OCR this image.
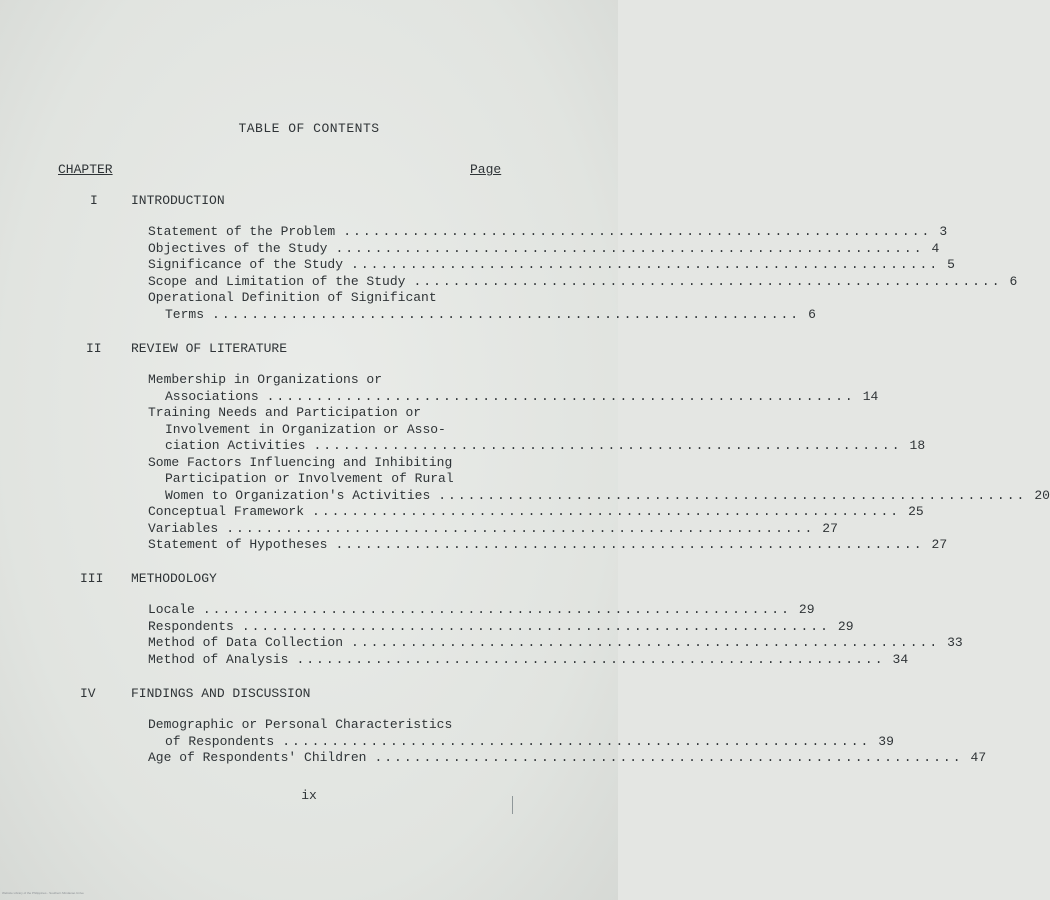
TABLE OF CONTENTS
CHAPTER	Page
I	INTRODUCTION
Statement of the Problem ............................................................ 3
Objectives of the Study ............................................................ 4
Significance of the Study ............................................................ 5
Scope and Limitation of the Study ............................................................ 6
Operational Definition of Significant
Terms ............................................................ 6
II	REVIEW OF LITERATURE
Membership in Organizations or
Associations ............................................................ 14
Training Needs and Participation or
Involvement in Organization or Asso-
ciation Activities ............................................................ 18
Some Factors Influencing and Inhibiting
Participation or Involvement of Rural
Women to Organization's Activities ............................................................ 20
Conceptual Framework ............................................................ 25
Variables ............................................................ 27
Statement of Hypotheses ............................................................ 27
III	METHODOLOGY
Locale ............................................................ 29
Respondents ............................................................ 29
Method of Data Collection ............................................................ 33
Method of Analysis ............................................................ 34
IV	FINDINGS AND DISCUSSION
Demographic or Personal Characteristics
of Respondents ............................................................ 39
Age of Respondents' Children ............................................................ 47
ix
Website Library of the Philippines - Southern Mindanao Unive
